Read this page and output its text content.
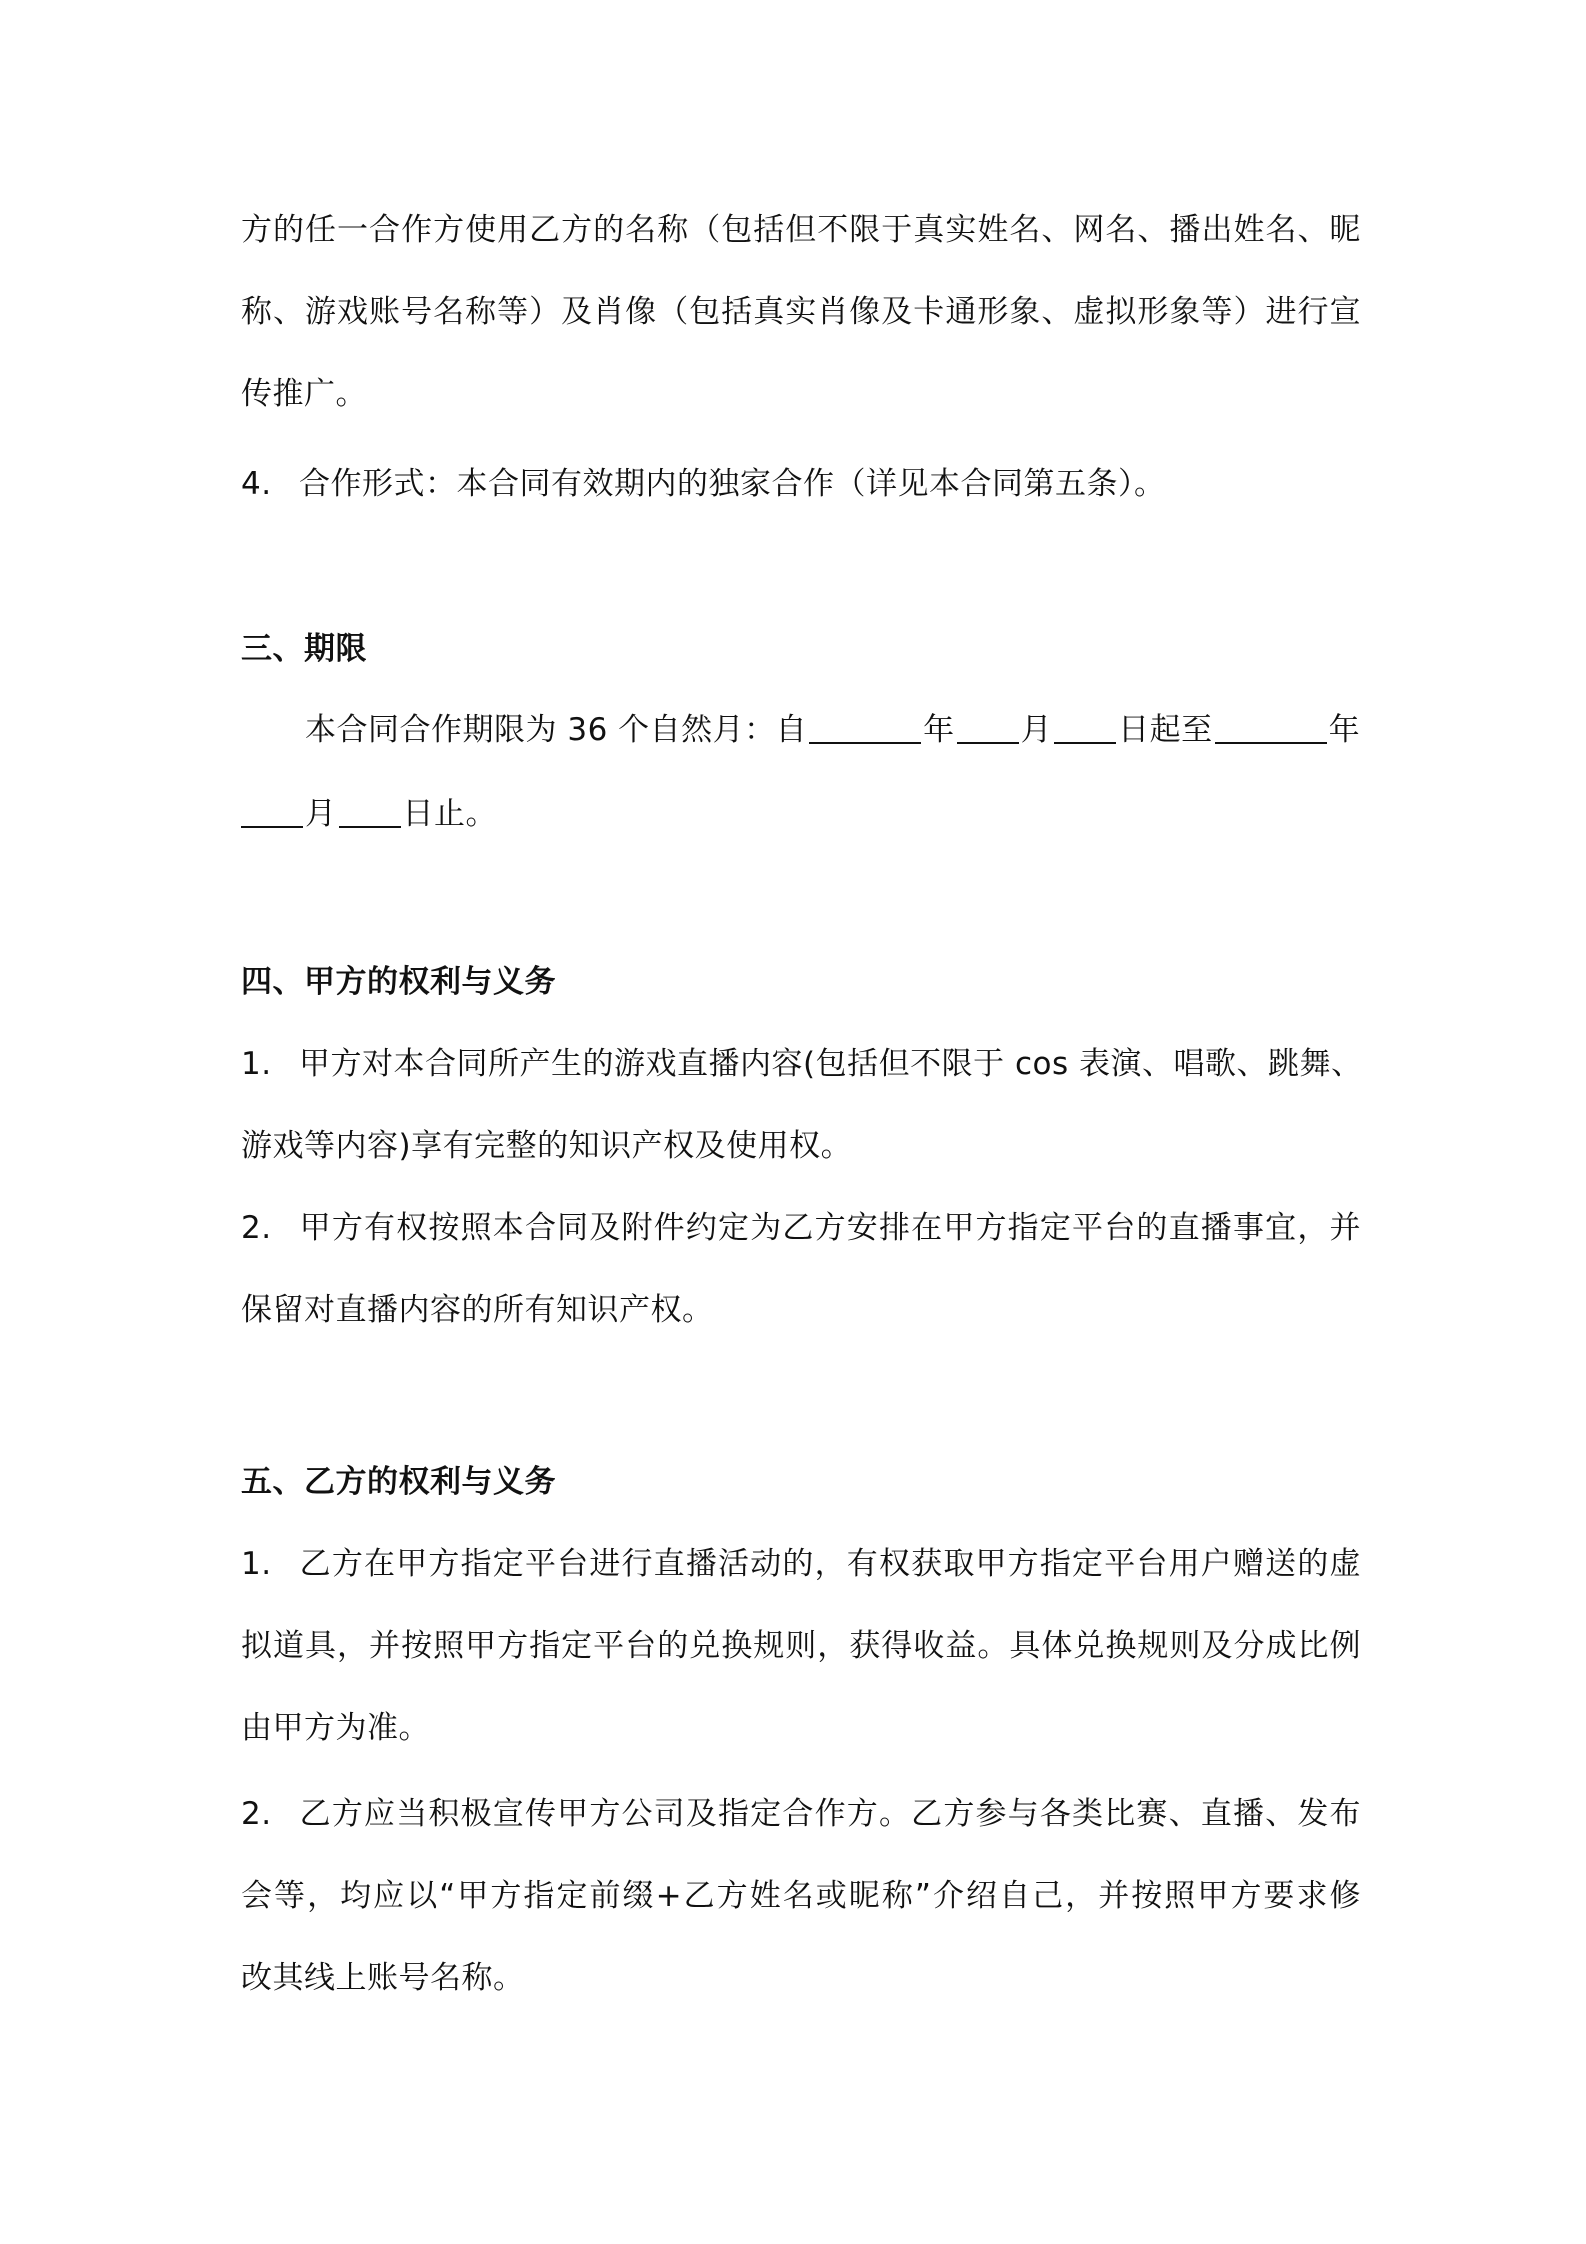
方的任一合作方使用乙方的名称（包括但不限于真实姓名、网名、播出姓名、昵
称、游戏账号名称等）及肖像（包括真实肖像及卡通形象、虚拟形象等）进行宣
传推广。
4. 合作形式：本合同有效期内的独家合作（详见本合同第五条）。
三、期限
本合同合作期限为 36 个自然月：自	年 月 日起至	年
月 日止。
四、甲方的权利与义务
1. 甲方对本合同所产生的游戏直播内容(包括但不限于 cos 表演、唱歌、跳舞、
游戏等内容)享有完整的知识产权及使用权。
2. 甲方有权按照本合同及附件约定为乙方安排在甲方指定平台的直播事宜，并
保留对直播内容的所有知识产权。
五、乙方的权利与义务
1. 乙方在甲方指定平台进行直播活动的，有权获取甲方指定平台用户赠送的虚
拟道具，并按照甲方指定平台的兑换规则，获得收益。具体兑换规则及分成比例
由甲方为准。
2. 乙方应当积极宣传甲方公司及指定合作方。乙方参与各类比赛、直播、发布
会等，均应以“甲方指定前缀+乙方姓名或昵称”介绍自己，并按照甲方要求修
改其线上账号名称。
